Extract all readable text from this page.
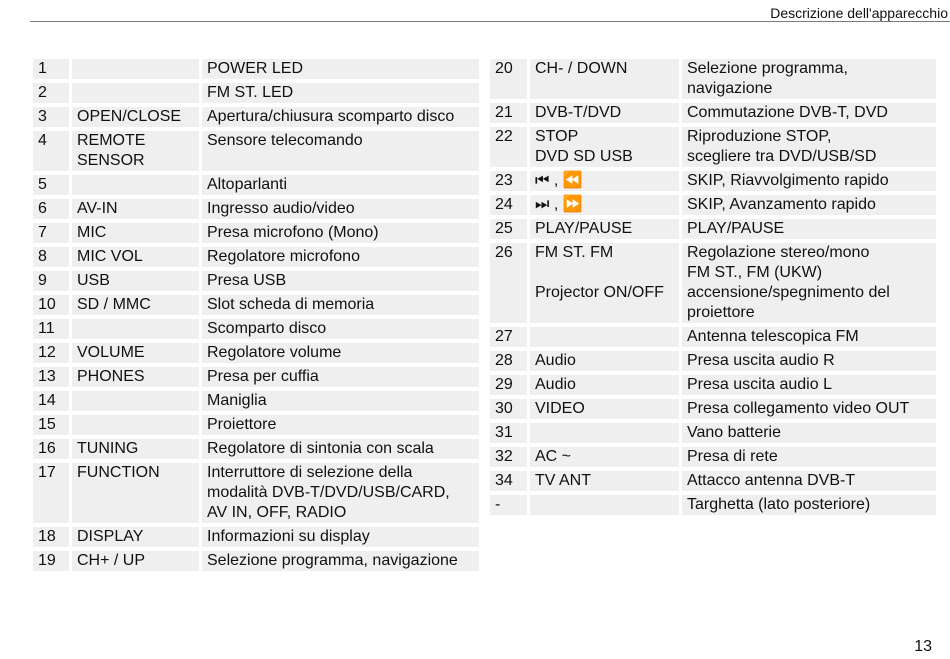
Descrizione dell'apparecchio
1		POWER LED
2		FM ST. LED
3	OPEN/CLOSE	Apertura/chiusura scomparto disco
4	REMOTE
SENSOR	Sensore telecomando
5		Altoparlanti
6	AV-IN	Ingresso audio/video
7	MIC	Presa microfono (Mono)
8	MIC VOL	Regolatore microfono
9	USB	Presa USB
10	SD / MMC	Slot scheda di memoria
11		Scomparto disco
12	VOLUME	Regolatore volume
13	PHONES	Presa per cuffia
14		Maniglia
15		Proiettore
16	TUNING	Regolatore di sintonia con scala
17	FUNCTION	Interruttore di selezione della
modalità DVB-T/DVD/USB/CARD,
AV IN, OFF, RADIO

18	DISPLAY	Informazioni su display
19	CH+ / UP	Selezione programma, navigazione
20	CH- / DOWN	Selezione programma,
navigazione

21	DVB-T/DVD	Commutazione DVB-T, DVD
22	STOP
DVD SD USB	Riproduzione STOP,
scegliere tra DVD/USB/SD

23	⏮ , ⏪	SKIP, Riavvolgimento rapido
24	⏭ , ⏩	SKIP, Avanzamento rapido
25	PLAY/PAUSE	PLAY/PAUSE
26	FM ST. FM
Projector ON/OFF	Regolazione stereo/mono
FM ST., FM (UKW)
accensione/spegnimento del
proiettore

27		Antenna telescopica FM
28	Audio	Presa uscita audio R
29	Audio	Presa uscita audio L
30	VIDEO	Presa collegamento video OUT
31		Vano batterie
32	AC ~	Presa di rete
34	TV ANT	Attacco antenna DVB-T
-		Targhetta (lato posteriore)
13
